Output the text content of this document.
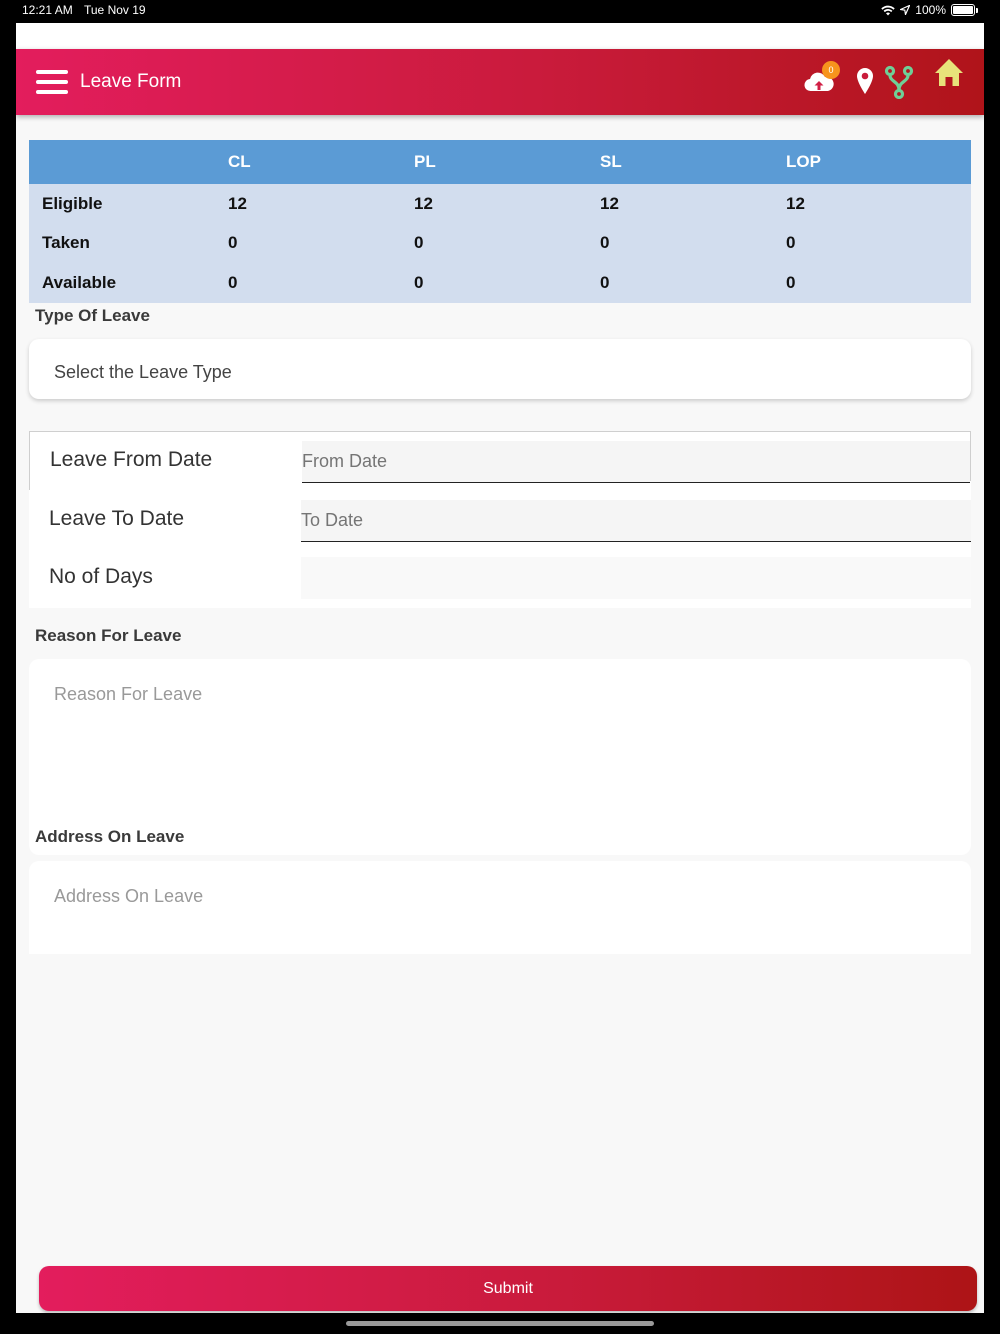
12:21 AM Tue Nov 19	100%
Leave Form
0
	CL	PL	SL	LOP
Eligible	12	12	12	12
Taken	0	0	0	0
Available	0	0	0	0
Type Of Leave
Select the Leave Type
Leave From Date
From Date
Leave To Date
To Date
No of Days
Reason For Leave
Reason For Leave
Address On Leave
Address On Leave
Submit
